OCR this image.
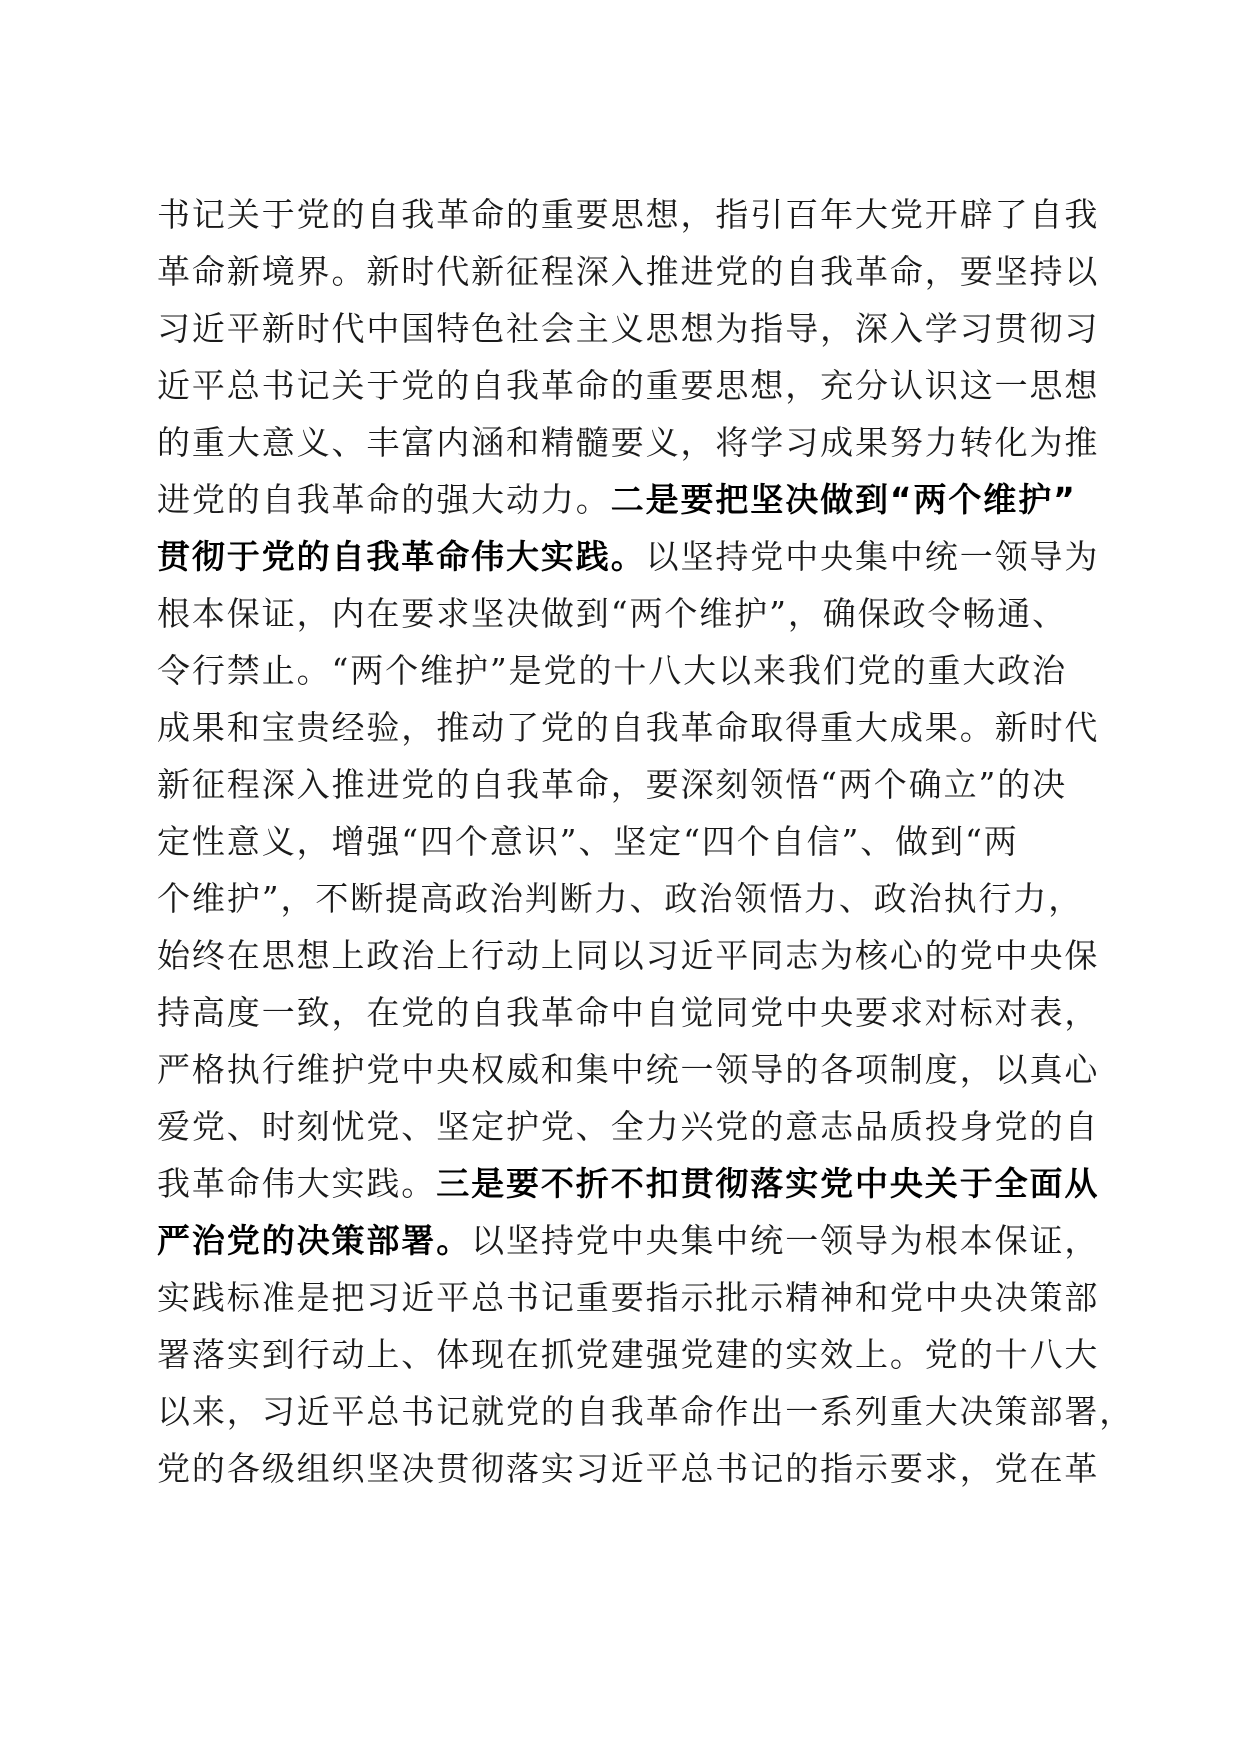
书记关于党的自我革命的重要思想，指引百年大党开辟了自我
革命新境界。新时代新征程深入推进党的自我革命，要坚持以
习近平新时代中国特色社会主义思想为指导，深入学习贯彻习
近平总书记关于党的自我革命的重要思想，充分认识这一思想
的重大意义、丰富内涵和精髓要义，将学习成果努力转化为推
进党的自我革命的强大动力。二是要把坚决做到“两个维护”
贯彻于党的自我革命伟大实践。以坚持党中央集中统一领导为
根本保证，内在要求坚决做到“两个维护”，确保政令畅通、
令行禁止。“两个维护”是党的十八大以来我们党的重大政治
成果和宝贵经验，推动了党的自我革命取得重大成果。新时代
新征程深入推进党的自我革命，要深刻领悟“两个确立”的决
定性意义，增强“四个意识”、坚定“四个自信”、做到“两
个维护”，不断提高政治判断力、政治领悟力、政治执行力，
始终在思想上政治上行动上同以习近平同志为核心的党中央保
持高度一致，在党的自我革命中自觉同党中央要求对标对表，
严格执行维护党中央权威和集中统一领导的各项制度，以真心
爱党、时刻忧党、坚定护党、全力兴党的意志品质投身党的自
我革命伟大实践。三是要不折不扣贯彻落实党中央关于全面从
严治党的决策部署。以坚持党中央集中统一领导为根本保证，
实践标准是把习近平总书记重要指示批示精神和党中央决策部
署落实到行动上、体现在抓党建强党建的实效上。党的十八大
以来，习近平总书记就党的自我革命作出一系列重大决策部署，
党的各级组织坚决贯彻落实习近平总书记的指示要求，党在革
